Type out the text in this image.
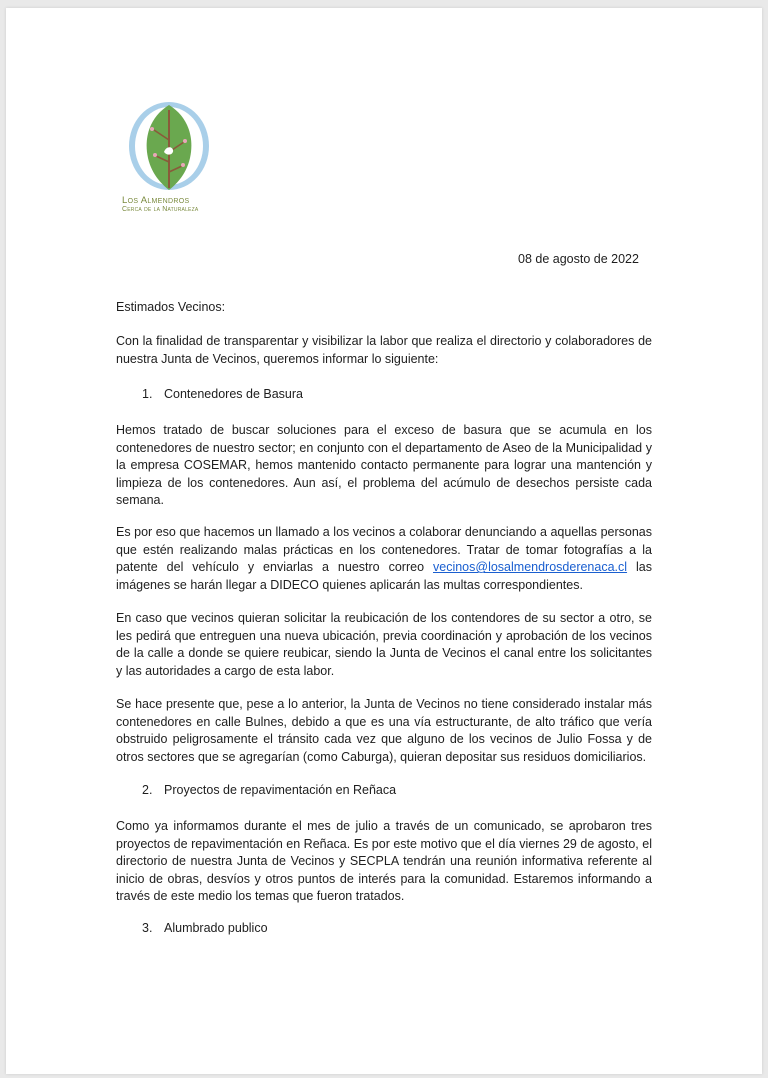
Los Almendros
Cerca de la Naturaleza
08 de agosto de 2022
Estimados Vecinos:
Con la finalidad de transparentar y visibilizar la labor que realiza el directorio y colaboradores de nuestra Junta de Vecinos, queremos informar lo siguiente:
1. Contenedores de Basura
Hemos tratado de buscar soluciones para el exceso de basura que se acumula en los contenedores de nuestro sector; en conjunto con el departamento de Aseo de la Municipalidad y la empresa COSEMAR, hemos mantenido contacto permanente para lograr una mantención y limpieza de los contenedores. Aun así, el problema del acúmulo de desechos persiste cada semana.
Es por eso que hacemos un llamado a los vecinos a colaborar denunciando a aquellas personas que estén realizando malas prácticas en los contenedores. Tratar de tomar fotografías a la patente del vehículo y enviarlas a nuestro correo vecinos@losalmendrosderenaca.cl las imágenes se harán llegar a DIDECO quienes aplicarán las multas correspondientes.
En caso que vecinos quieran solicitar la reubicación de los contendores de su sector a otro, se les pedirá que entreguen una nueva ubicación, previa coordinación y aprobación de los vecinos de la calle a donde se quiere reubicar, siendo la Junta de Vecinos el canal entre los solicitantes y las autoridades a cargo de esta labor.
Se hace presente que, pese a lo anterior, la Junta de Vecinos no tiene considerado instalar más contenedores en calle Bulnes, debido a que es una vía estructurante, de alto tráfico que vería obstruido peligrosamente el tránsito cada vez que alguno de los vecinos de Julio Fossa y de otros sectores que se agregarían (como Caburga), quieran depositar sus residuos domiciliarios.
2. Proyectos de repavimentación en Reñaca
Como ya informamos durante el mes de julio a través de un comunicado, se aprobaron tres proyectos de repavimentación en Reñaca. Es por este motivo que el día viernes 29 de agosto, el directorio de nuestra Junta de Vecinos y SECPLA tendrán una reunión informativa referente al inicio de obras, desvíos y otros puntos de interés para la comunidad. Estaremos informando a través de este medio los temas que fueron tratados.
3. Alumbrado publico
